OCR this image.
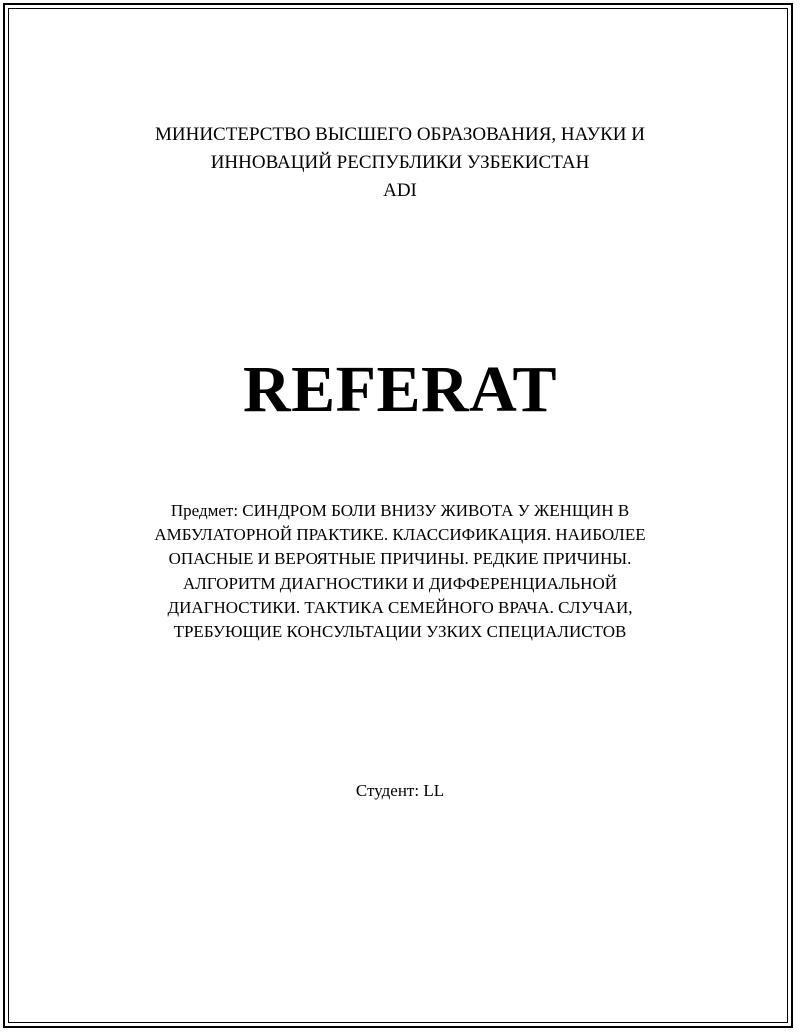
МИНИСТЕРСТВО ВЫСШЕГО ОБРАЗОВАНИЯ, НАУКИ И
ИННОВАЦИЙ РЕСПУБЛИКИ УЗБЕКИСТАН
ADI
REFERAT
Предмет: СИНДРОМ БОЛИ ВНИЗУ ЖИВОТА У ЖЕНЩИН В
АМБУЛАТОРНОЙ ПРАКТИКЕ. КЛАССИФИКАЦИЯ. НАИБОЛЕЕ
ОПАСНЫЕ И ВЕРОЯТНЫЕ ПРИЧИНЫ. РЕДКИЕ ПРИЧИНЫ.
АЛГОРИТМ ДИАГНОСТИКИ И ДИФФЕРЕНЦИАЛЬНОЙ
ДИАГНОСТИКИ. ТАКТИКА СЕМЕЙНОГО ВРАЧА. СЛУЧАИ,
ТРЕБУЮЩИЕ КОНСУЛЬТАЦИИ УЗКИХ СПЕЦИАЛИСТОВ
Студент: LL
